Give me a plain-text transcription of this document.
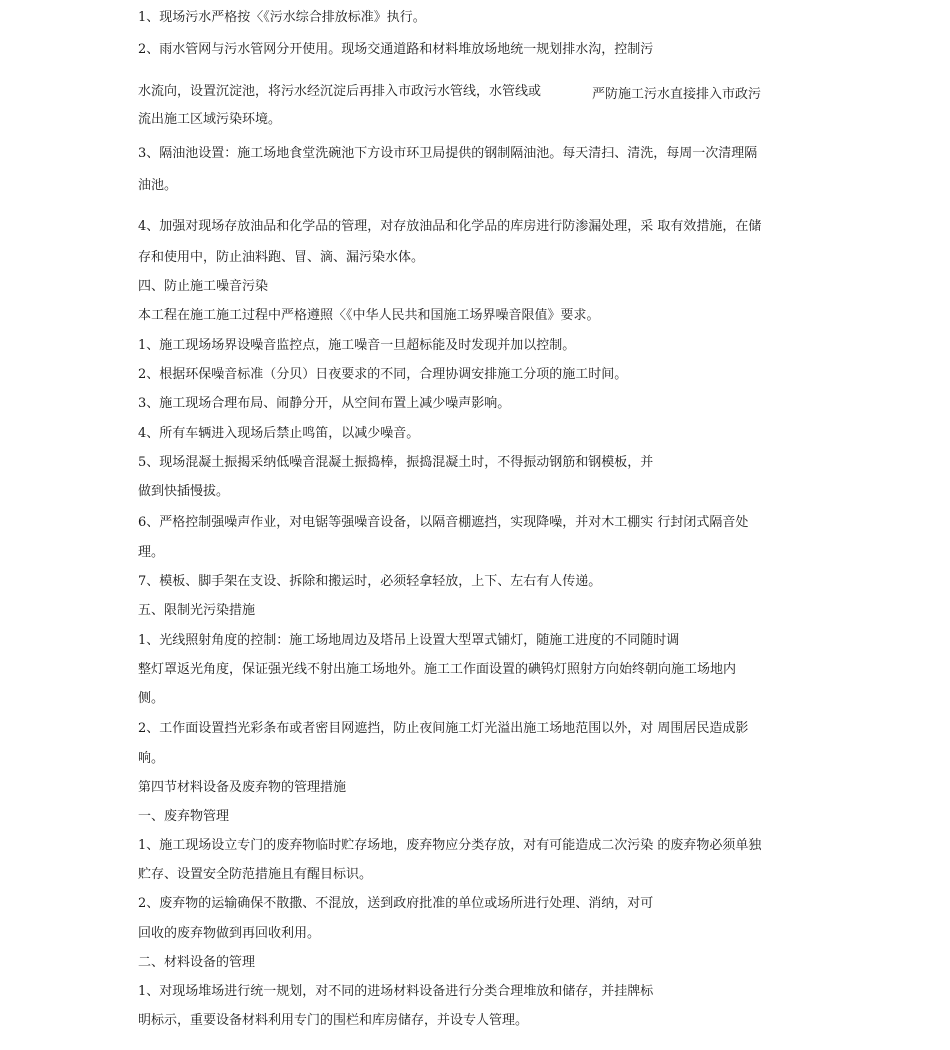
1、现场污水严格按〈《污水综合排放标准》执行。
2、雨水管网与污水管网分开使用。现场交通道路和材料堆放场地统一规划排水沟，控制污
水流向，设置沉淀池，将污水经沉淀后再排入市政污水管线，水管线或	严防施工污水直接排入市政污
流出施工区域污染环境。
3、隔油池设置：施工场地食堂洗碗池下方设市环卫局提供的钢制隔油池。每天清扫、清洗，每周一次清理隔
油池。
4、加强对现场存放油品和化学品的管理，对存放油品和化学品的库房进行防渗漏处理，采 取有效措施，在储
存和使用中，防止油料跑、冒、滴、漏污染水体。
四、防止施工噪音污染
本工程在施工施工过程中严格遵照〈《中华人民共和国施工场界噪音限值》要求。
1、施工现场场界设噪音监控点，施工噪音一旦超标能及时发现并加以控制。
2、根据环保噪音标准（分贝）日夜要求的不同，合理协调安排施工分项的施工时间。
3、施工现场合理布局、闹静分开，从空间布置上减少噪声影响。
4、所有车辆进入现场后禁止鸣笛，以减少噪音。
5、现场混凝土振揭采纳低噪音混凝土振捣棒，振捣混凝土时，不得振动钢筋和钢模板，并
做到快插慢拔。
6、严格控制强噪声作业，对电锯等强噪音设备，以隔音棚遮挡，实现降噪，并对木工棚实 行封闭式隔音处
理。
7、模板、脚手架在支设、拆除和搬运时，必须轻拿轻放，上下、左右有人传递。
五、限制光污染措施
1、光线照射角度的控制：施工场地周边及塔吊上设置大型罩式铺灯，随施工进度的不同随时调
整灯罩返光角度，保证强光线不射出施工场地外。施工工作面设置的碘钨灯照射方向始终朝向施工场地内
侧。
2、工作面设置挡光彩条布或者密目网遮挡，防止夜间施工灯光溢出施工场地范围以外，对 周围居民造成影
响。
第四节材料设备及废弃物的管理措施
一、废弃物管理
1、施工现场设立专门的废弃物临时贮存场地，废弃物应分类存放，对有可能造成二次污染 的废弃物必须单独
贮存、设置安全防范措施且有醒目标识。
2、废弃物的运输确保不散撒、不混放，送到政府批准的单位或场所进行处理、消纳，对可
回收的废弃物做到再回收利用。
二、材料设备的管理
1、对现场堆场进行统一规划，对不同的进场材料设备进行分类合理堆放和储存，并挂牌标
明标示，重要设备材料利用专门的围栏和库房储存，并设专人管理。
